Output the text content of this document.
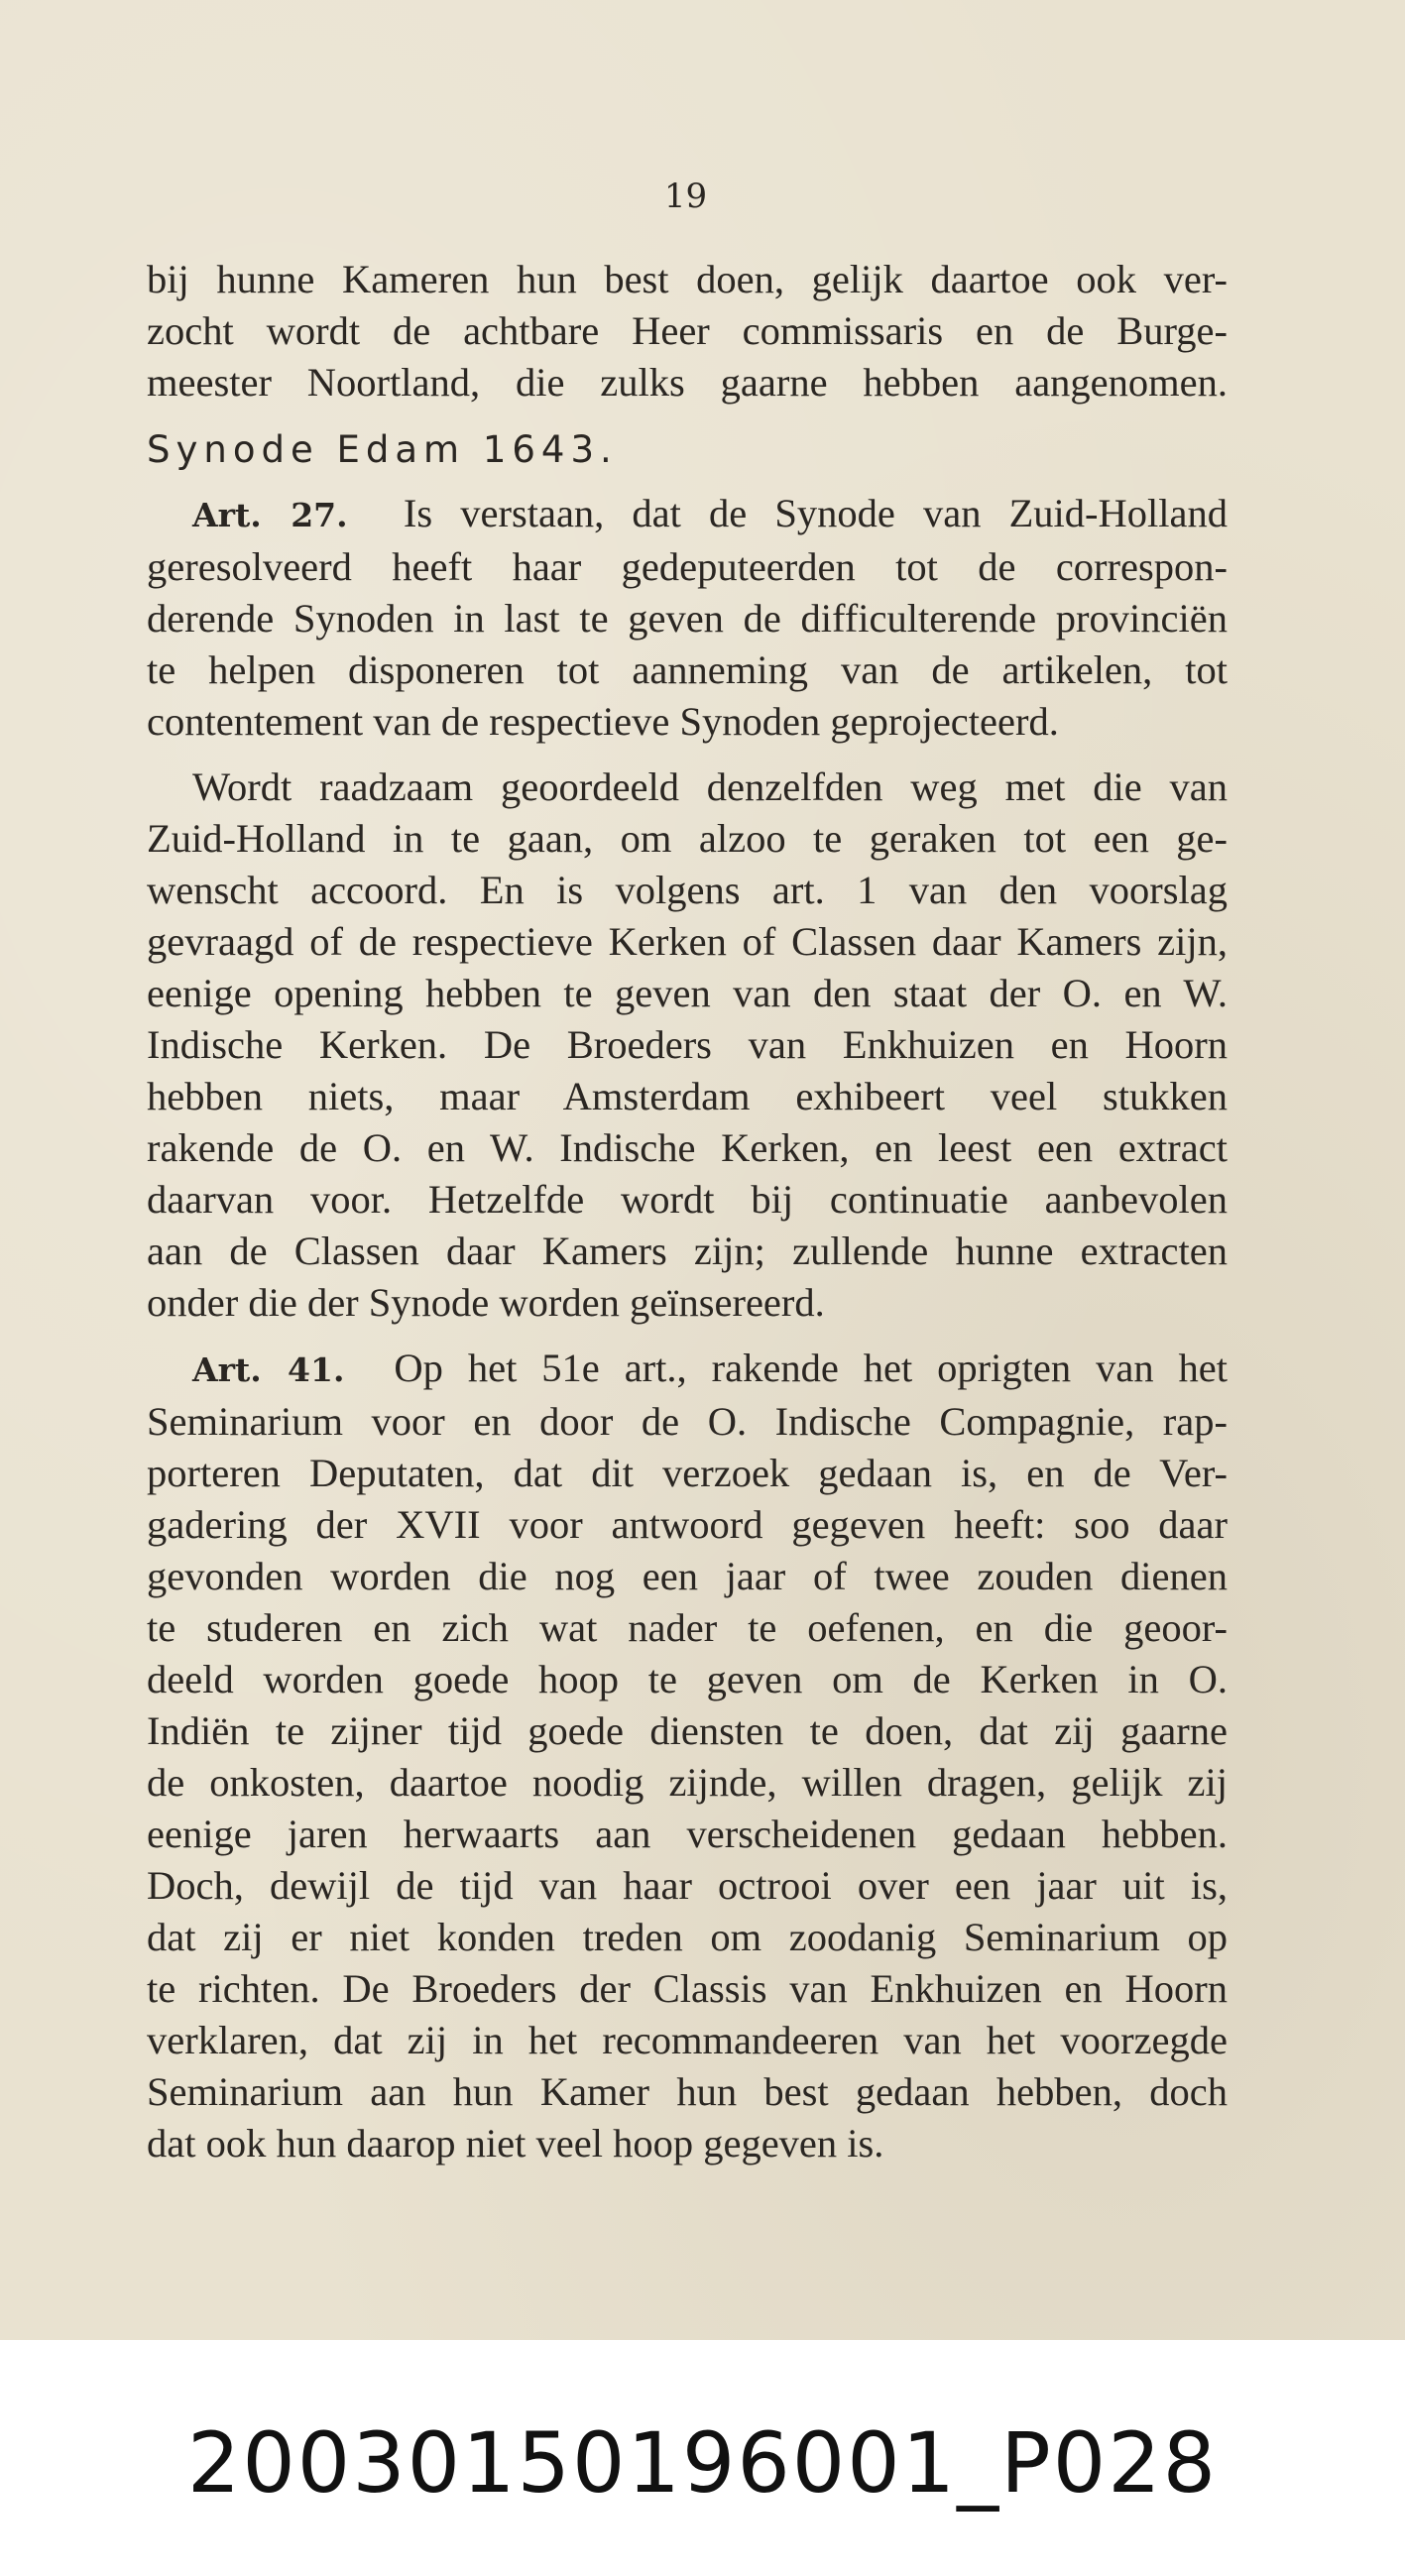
19
bij hunne Kameren hun best doen, gelijk daartoe ook ver-
zocht wordt de achtbare Heer commissaris en de Burge-
meester Noortland, die zulks gaarne hebben aangenomen.
Synode Edam 1643.
Art. 27. Is verstaan, dat de Synode van Zuid-Holland
geresolveerd heeft haar gedeputeerden tot de correspon-
derende Synoden in last te geven de difficulterende provinciën
te helpen disponeren tot aanneming van de artikelen, tot
contentement van de respectieve Synoden geprojecteerd.
Wordt raadzaam geoordeeld denzelfden weg met die van
Zuid-Holland in te gaan, om alzoo te geraken tot een ge-
wenscht accoord. En is volgens art. 1 van den voorslag
gevraagd of de respectieve Kerken of Classen daar Kamers zijn,
eenige opening hebben te geven van den staat der O. en W.
Indische Kerken. De Broeders van Enkhuizen en Hoorn
hebben niets, maar Amsterdam exhibeert veel stukken
rakende de O. en W. Indische Kerken, en leest een extract
daarvan voor. Hetzelfde wordt bij continuatie aanbevolen
aan de Classen daar Kamers zijn; zullende hunne extracten
onder die der Synode worden geïnsereerd.
Art. 41. Op het 51e art., rakende het oprigten van het
Seminarium voor en door de O. Indische Compagnie, rap-
porteren Deputaten, dat dit verzoek gedaan is, en de Ver-
gadering der XVII voor antwoord gegeven heeft: soo daar
gevonden worden die nog een jaar of twee zouden dienen
te studeren en zich wat nader te oefenen, en die geoor-
deeld worden goede hoop te geven om de Kerken in O.
Indiën te zijner tijd goede diensten te doen, dat zij gaarne
de onkosten, daartoe noodig zijnde, willen dragen, gelijk zij
eenige jaren herwaarts aan verscheidenen gedaan hebben.
Doch, dewijl de tijd van haar octrooi over een jaar uit is,
dat zij er niet konden treden om zoodanig Seminarium op
te richten. De Broeders der Classis van Enkhuizen en Hoorn
verklaren, dat zij in het recommandeeren van het voorzegde
Seminarium aan hun Kamer hun best gedaan hebben, doch
dat ook hun daarop niet veel hoop gegeven is.
20030150196001_P028
